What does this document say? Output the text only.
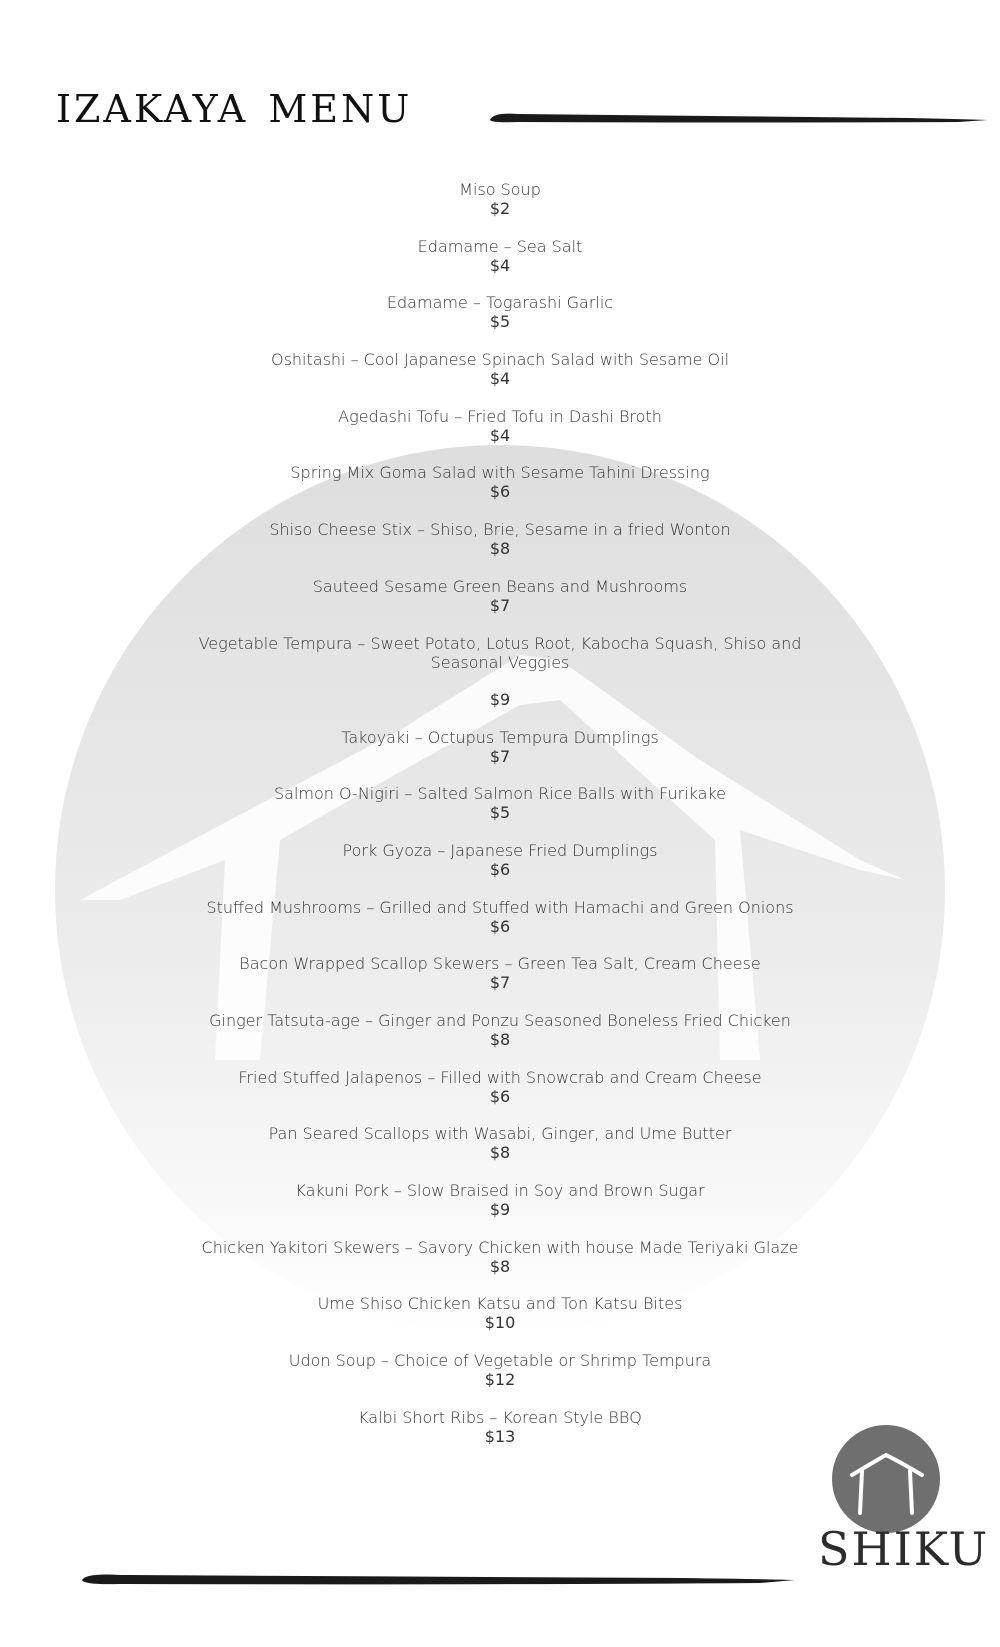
izakaya menu
Miso Soup
$2
Edamame – Sea Salt
$4
Edamame – Togarashi Garlic
$5
Oshitashi – Cool Japanese Spinach Salad with Sesame Oil
$4
Agedashi Tofu – Fried Tofu in Dashi Broth
$4
Spring Mix Goma Salad with Sesame Tahini Dressing
$6
Shiso Cheese Stix – Shiso, Brie, Sesame in a fried Wonton
$8
Sauteed Sesame Green Beans and Mushrooms
$7
Vegetable Tempura – Sweet Potato, Lotus Root, Kabocha Squash, Shiso and Seasonal Veggies
$9
Takoyaki – Octupus Tempura Dumplings
$7
Salmon O-Nigiri – Salted Salmon Rice Balls with Furikake
$5
Pork Gyoza – Japanese Fried Dumplings
$6
Stuffed Mushrooms – Grilled and Stuffed with Hamachi and Green Onions
$6
Bacon Wrapped Scallop Skewers – Green Tea Salt, Cream Cheese
$7
Ginger Tatsuta-age – Ginger and Ponzu Seasoned Boneless Fried Chicken
$8
Fried Stuffed Jalapenos – Filled with Snowcrab and Cream Cheese
$6
Pan Seared Scallops with Wasabi, Ginger, and Ume Butter
$8
Kakuni Pork – Slow Braised in Soy and Brown Sugar
$9
Chicken Yakitori Skewers – Savory Chicken with house Made Teriyaki Glaze
$8
Ume Shiso Chicken Katsu and Ton Katsu Bites
$10
Udon Soup – Choice of Vegetable or Shrimp Tempura
$12
Kalbi Short Ribs – Korean Style BBQ
$13
SHIKU
